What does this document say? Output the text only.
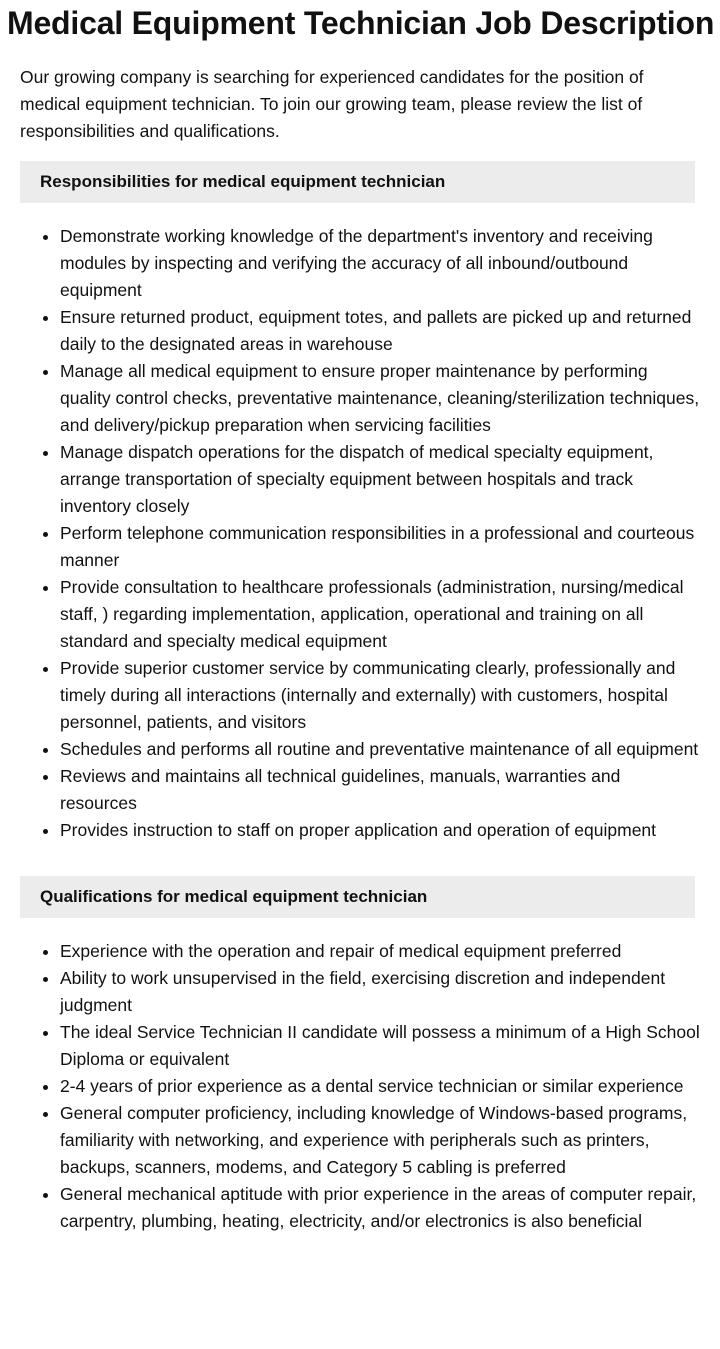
Medical Equipment Technician Job Description

Our growing company is searching for experienced candidates for the position of medical equipment technician. To join our growing team, please review the list of responsibilities and qualifications.

Responsibilities for medical equipment technician
• Demonstrate working knowledge of the department's inventory and receiving modules by inspecting and verifying the accuracy of all inbound/outbound equipment
• Ensure returned product, equipment totes, and pallets are picked up and returned daily to the designated areas in warehouse
• Manage all medical equipment to ensure proper maintenance by performing quality control checks, preventative maintenance, cleaning/sterilization techniques, and delivery/pickup preparation when servicing facilities
• Manage dispatch operations for the dispatch of medical specialty equipment, arrange transportation of specialty equipment between hospitals and track inventory closely
• Perform telephone communication responsibilities in a professional and courteous manner
• Provide consultation to healthcare professionals (administration, nursing/medical staff, ) regarding implementation, application, operational and training on all standard and specialty medical equipment
• Provide superior customer service by communicating clearly, professionally and timely during all interactions (internally and externally) with customers, hospital personnel, patients, and visitors
• Schedules and performs all routine and preventative maintenance of all equipment
• Reviews and maintains all technical guidelines, manuals, warranties and resources
• Provides instruction to staff on proper application and operation of equipment
Qualifications for medical equipment technician
• Experience with the operation and repair of medical equipment preferred
• Ability to work unsupervised in the field, exercising discretion and independent judgment
• The ideal Service Technician II candidate will possess a minimum of a High School Diploma or equivalent
• 2-4 years of prior experience as a dental service technician or similar experience
• General computer proficiency, including knowledge of Windows-based programs, familiarity with networking, and experience with peripherals such as printers, backups, scanners, modems, and Category 5 cabling is preferred
• General mechanical aptitude with prior experience in the areas of computer repair, carpentry, plumbing, heating, electricity, and/or electronics is also beneficial
